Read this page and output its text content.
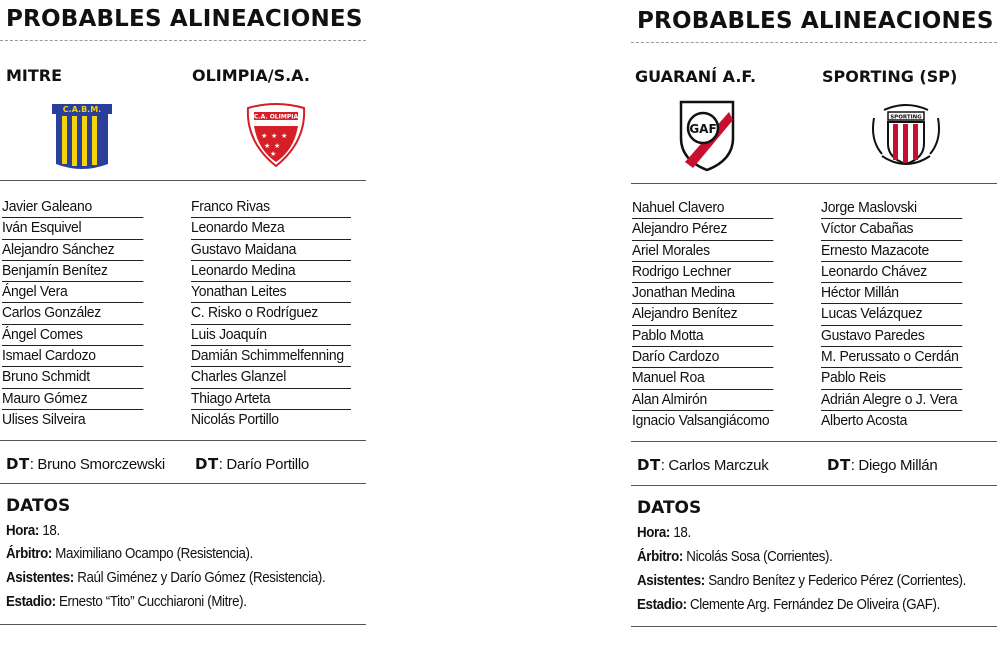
PROBABLES ALINEACIONES
MITRE	OLIMPIA/S.A.
C.A.B.M.
C.A. OLIMPIA
★ ★ ★
★ ★
★
Javier Galeano
Iván Esquivel
Alejandro Sánchez
Benjamín Benítez
Ángel Vera
Carlos González
Ángel Comes
Ismael Cardozo
Bruno Schmidt
Mauro Gómez
Ulises Silveira
Franco Rivas
Leonardo Meza
Gustavo Maidana
Leonardo Medina
Yonathan Leites
C. Risko o Rodríguez
Luis Joaquín
Damián Schimmelfenning
Charles Glanzel
Thiago Arteta
Nicolás Portillo
DT: Bruno Smorczewski DT: Darío Portillo
DATOS
Hora: 18.
Árbitro: Maximiliano Ocampo (Resistencia).
Asistentes: Raúl Giménez y Darío Gómez (Resistencia).
Estadio: Ernesto “Tito” Cucchiaroni (Mitre).
PROBABLES ALINEACIONES
GUARANÍ A.F.	SPORTING (SP)
GAF
SPORTING
Nahuel Clavero
Alejandro Pérez
Ariel Morales
Rodrigo Lechner
Jonathan Medina
Alejandro Benítez
Pablo Motta
Darío Cardozo
Manuel Roa
Alan Almirón
Ignacio Valsangiácomo
Jorge Maslovski
Víctor Cabañas
Ernesto Mazacote
Leonardo Chávez
Héctor Millán
Lucas Velázquez
Gustavo Paredes
M. Perussato o Cerdán
Pablo Reis
Adrián Alegre o J. Vera
Alberto Acosta
DT: Carlos Marczuk	DT: Diego Millán
DATOS
Hora: 18.
Árbitro: Nicolás Sosa (Corrientes).
Asistentes: Sandro Benítez y Federico Pérez (Corrientes).
Estadio: Clemente Arg. Fernández De Oliveira (GAF).
